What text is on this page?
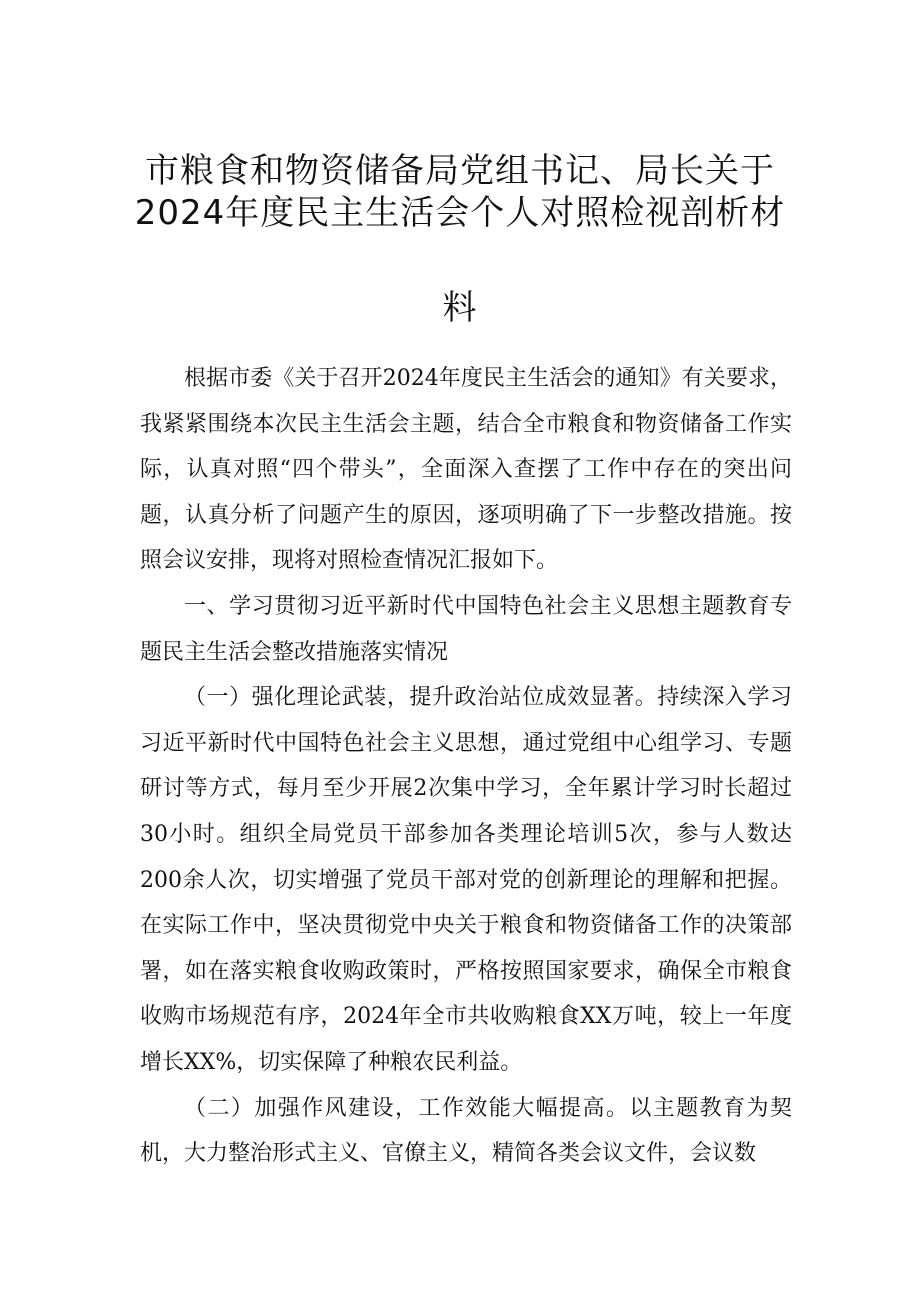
市粮食和物资储备局党组书记、局长关于
2024年度民主生活会个人对照检视剖析材

根据市委《关于召开2024年度民主生活会的通知》有关要求，我紧紧围绕本次民主生活会主题，结合全市粮食和物资储备工作实际，认真对照“四个带头”，全面深入查摆了工作中存在的突出问题，认真分析了问题产生的原因，逐项明确了下一步整改措施。按照会议安排，现将对照检查情况汇报如下。

一、学习贯彻习近平新时代中国特色社会主义思想主题教育专题民主生活会整改措施落实情况

（一）强化理论武装，提升政治站位成效显著。持续深入学习习近平新时代中国特色社会主义思想，通过党组中心组学习、专题研讨等方式，每月至少开展2次集中学习，全年累计学习时长超过30小时。组织全局党员干部参加各类理论培训5次，参与人数达200余人次，切实增强了党员干部对党的创新理论的理解和把握。在实际工作中，坚决贯彻党中央关于粮食和物资储备工作的决策部署，如在落实粮食收购政策时，严格按照国家要求，确保全市粮食收购市场规范有序，2024年全市共收购粮食XX万吨，较上一年度增长XX%，切实保障了种粮农民利益。

（二）加强作风建设，工作效能大幅提高。以主题教育为契机，大力整治形式主义、官僚主义，精简各类会议文件，会议数

料
